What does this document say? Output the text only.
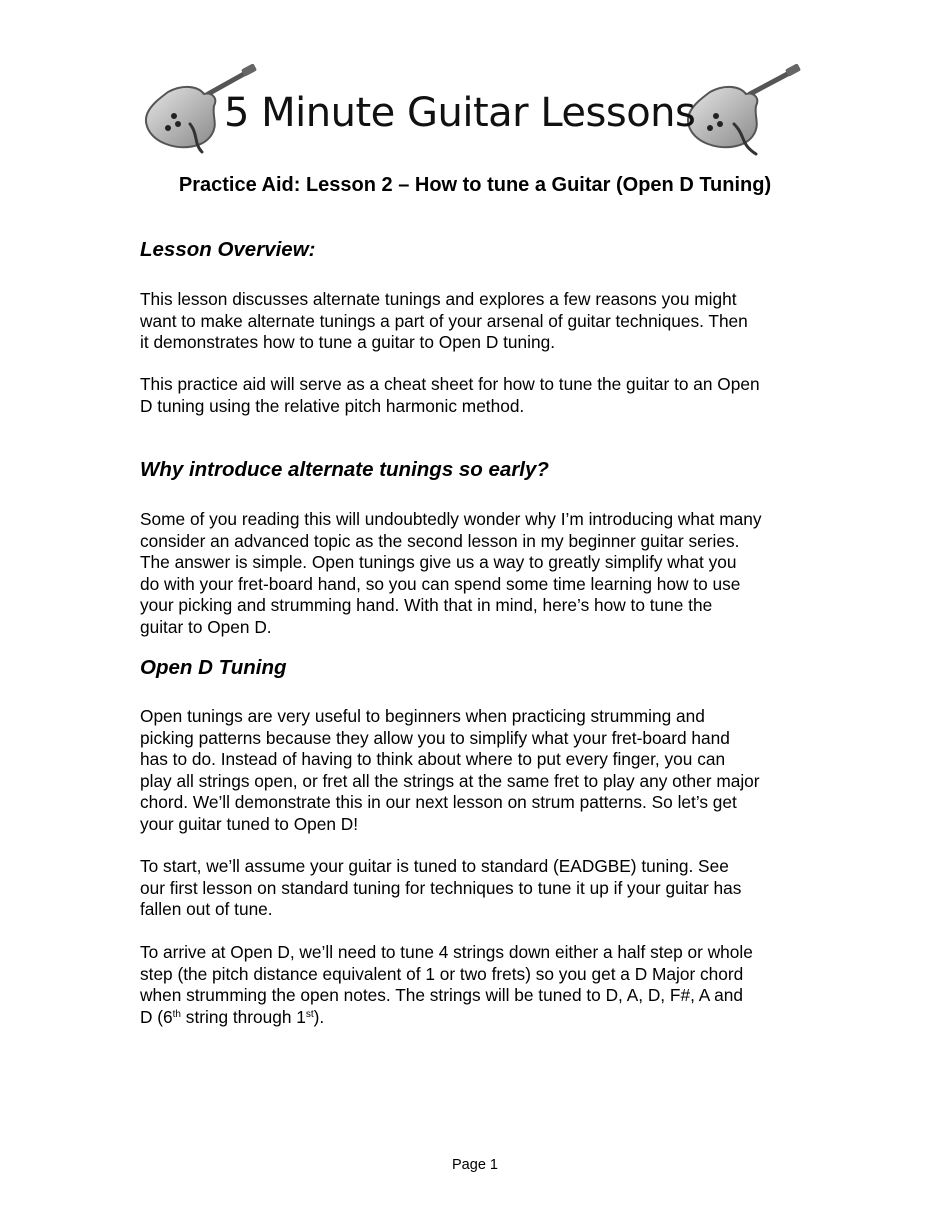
5 Minute Guitar Lessons
Practice Aid: Lesson 2 – How to tune a Guitar (Open D Tuning)
Lesson Overview:
This lesson discusses alternate tunings and explores a few reasons you might
want to make alternate tunings a part of your arsenal of guitar techniques. Then
it demonstrates how to tune a guitar to Open D tuning.
This practice aid will serve as a cheat sheet for how to tune the guitar to an Open
D tuning using the relative pitch harmonic method.
Why introduce alternate tunings so early?
Some of you reading this will undoubtedly wonder why I’m introducing what many
consider an advanced topic as the second lesson in my beginner guitar series.
The answer is simple. Open tunings give us a way to greatly simplify what you
do with your fret-board hand, so you can spend some time learning how to use
your picking and strumming hand. With that in mind, here’s how to tune the
guitar to Open D.
Open D Tuning
Open tunings are very useful to beginners when practicing strumming and
picking patterns because they allow you to simplify what your fret-board hand
has to do. Instead of having to think about where to put every finger, you can
play all strings open, or fret all the strings at the same fret to play any other major
chord. We’ll demonstrate this in our next lesson on strum patterns. So let’s get
your guitar tuned to Open D!
To start, we’ll assume your guitar is tuned to standard (EADGBE) tuning. See
our first lesson on standard tuning for techniques to tune it up if your guitar has
fallen out of tune.
To arrive at Open D, we’ll need to tune 4 strings down either a half step or whole
step (the pitch distance equivalent of 1 or two frets) so you get a D Major chord
when strumming the open notes. The strings will be tuned to D, A, D, F#, A and
D (6th string through 1st).
Page 1
